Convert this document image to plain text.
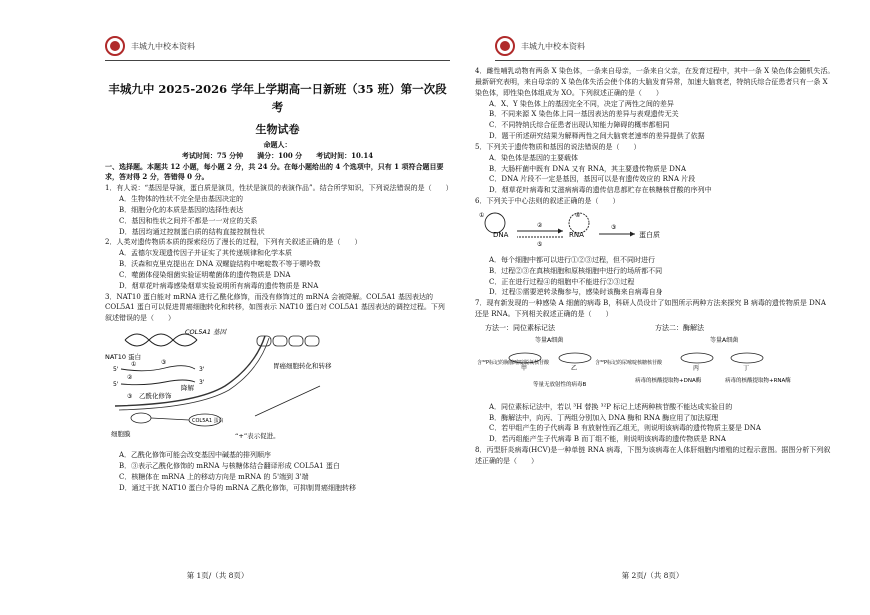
丰城九中校本资料

丰城九中 2025-2026 学年上学期高一日新班（35 班）第一次段考

生物试卷

命题人：

考试时间：75 分钟　　满分：100 分　　考试时间：10.14

一、选择题。本题共 12 小题，每小题 2 分，共 24 分。在每小题给出的 4 个选项中，只有 1 项符合题目要求，答对得 2 分，答错得 0 分。

1．有人说：“基因是导演，蛋白质是演员，性状是演员的表演作品”。结合所学知识，下列说法错误的是（　　）

A．生物体的性状不完全是由基因决定的

B．细胞分化的本质是基因的选择性表达

C．基因和性状之间并不都是一一对应的关系

D．基因均通过控制蛋白质的结构直接控制性状

2．人类对遗传物质本质的探索经历了漫长的过程，下列有关叙述正确的是（　　）

A．孟德尔发现遗传因子并证实了其传递规律和化学本质

B．沃森和克里克提出在 DNA 双螺旋结构中嘧啶数不等于嘌呤数

C．噬菌体侵染细菌实验证明噬菌体的遗传物质是 DNA

D．烟草花叶病毒感染烟草实验说明所有病毒的遗传物质是 RNA

3．NAT10 蛋白能对 mRNA 进行乙酰化修饰，而没有修饰过的 mRNA 会被降解。COL5A1 基因表达的 COL5A1 蛋白可以促进胃癌细胞转化和转移，如图表示 NAT10 蛋白对 COL5A1 基因表达的调控过程。下列叙述错误的是（　　）

COL5A1 基因
NAT10 蛋白
①	③
5'	3'
5'	3'
②
降解
乙酰化修饰
③
COL5A1 蛋白
细胞膜
胃癌细胞转化和转移
“+”表示促进。

A．乙酰化修饰可能会改变基因中碱基的排列顺序

B．③表示乙酰化修饰的 mRNA 与核糖体结合翻译形成 COL5A1 蛋白

C．核糖体在 mRNA 上的移动方向是 mRNA 的 5'端到 3'端

D．通过干扰 NAT10 蛋白介导的 mRNA 乙酰化修饰，可抑制胃癌细胞转移

第 1页/（共 8页）
丰城九中校本资料

4．雌性哺乳动物有两条 X 染色体，一条来自母亲，一条来自父亲，在发育过程中，其中一条 X 染色体会随机失活。最新研究表明，来自母亲的 X 染色体失活会使个体的大脑发育异常，加速大脑衰老，特纳氏综合征患者只有一条 X 染色体，即性染色体组成为 XO。下列叙述正确的是（　　）

A．X、Y 染色体上的基因完全不同，决定了两性之间的差异

B．不同来源 X 染色体上同一基因表达的差异与表观遗传无关

C．不同特纳氏综合征患者出现认知能力障碍的概率都相同

D．题干所述研究结果为解释两性之间大脑衰老速率的差异提供了依据

5．下列关于遗传物质和基因的说法错误的是（　　）

A．染色体是基因的主要载体

B．大肠杆菌中既有 DNA 又有 RNA，其主要遗传物质是 DNA

C．DNA 片段不一定是基因，基因可以是有遗传效应的 RNA 片段

D．烟草花叶病毒和艾滋病病毒的遗传信息都贮存在核糖核苷酸的序列中

6．下列关于中心法则的叙述正确的是（　　）

①
DNA
②
⑤
④
RNA
③
蛋白质

A．每个细胞中都可以进行①②③过程，但不同时进行

B．过程②③在真核细胞和原核细胞中进行的场所都不同

C．正在进行过程④的细胞中不能进行②③过程

D．过程⑤需要逆转录酶参与，感染时该酶来自病毒自身

7．现有新发现的一种感染 A 细菌的病毒 B，科研人员设计了如图所示两种方法来探究 B 病毒的遗传物质是 DNA 还是 RNA。下列相关叙述正确的是（　　）

方法一：同位素标记法	方法二：酶解法
等量A细菌
含³²P标记的胸腺嘧啶脱氧核苷酸
甲	乙
含³²P标记的尿嘧啶核糖核苷酸
等量无放射性的病毒B
等量A细菌
丙	丁
病毒的核酸提取物+DNA酶	病毒的核酸提取物+RNA酶

A．同位素标记法中，若以 ³H 替换 ³²P 标记上述两种核苷酸不能达成实验目的

B．酶解法中，向丙、丁两组分别加入 DNA 酶和 RNA 酶应用了加法原理

C．若甲组产生的子代病毒 B 有放射性而乙组无，则说明该病毒的遗传物质主要是 DNA

D．若丙组能产生子代病毒 B 而丁组不能，则说明该病毒的遗传物质是 RNA

8．丙型肝炎病毒(HCV)是一种单链 RNA 病毒，下图为该病毒在人体肝细胞内增殖的过程示意图。据图分析下列叙述正确的是（　　）

第 2页/（共 8页）
